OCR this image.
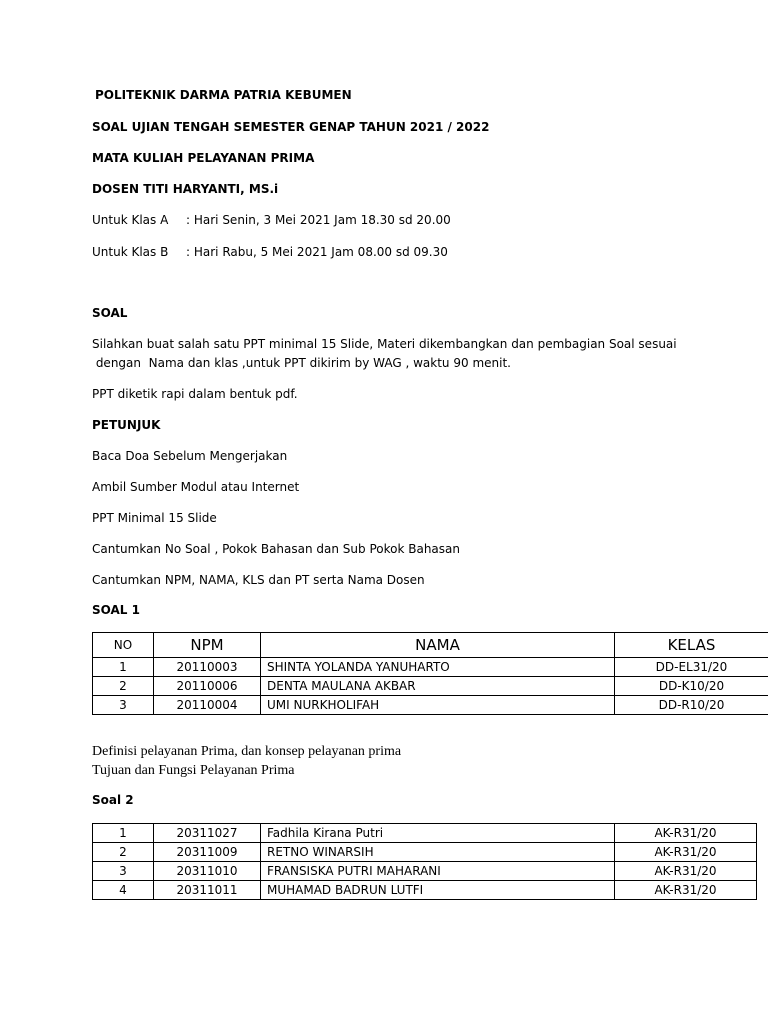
POLITEKNIK DARMA PATRIA KEBUMEN
SOAL UJIAN TENGAH SEMESTER GENAP TAHUN 2021 / 2022
MATA KULIAH PELAYANAN PRIMA
DOSEN TITI HARYANTI, MS.i
Untuk Klas A : Hari Senin, 3 Mei 2021 Jam 18.30 sd 20.00
Untuk Klas B : Hari Rabu, 5 Mei 2021 Jam 08.00 sd 09.30
SOAL
Silahkan buat salah satu PPT minimal 15 Slide, Materi dikembangkan dan pembagian Soal sesuai
dengan  Nama dan klas ,untuk PPT dikirim by WAG , waktu 90 menit.
PPT diketik rapi dalam bentuk pdf.
PETUNJUK
Baca Doa Sebelum Mengerjakan
Ambil Sumber Modul atau Internet
PPT Minimal 15 Slide
Cantumkan No Soal , Pokok Bahasan dan Sub Pokok Bahasan
Cantumkan NPM, NAMA, KLS dan PT serta Nama Dosen
SOAL 1
NO	NPM	NAMA	KELAS
1	20110003	SHINTA YOLANDA YANUHARTO	DD-EL31/20
2	20110006	DENTA MAULANA AKBAR	DD-K10/20
3	20110004	UMI NURKHOLIFAH	DD-R10/20
Definisi pelayanan Prima, dan konsep pelayanan prima
Tujuan dan Fungsi Pelayanan Prima
Soal 2
1	20311027	Fadhila Kirana Putri	AK-R31/20
2	20311009	RETNO WINARSIH	AK-R31/20
3	20311010	FRANSISKA PUTRI MAHARANI	AK-R31/20
4	20311011	MUHAMAD BADRUN LUTFI	AK-R31/20
